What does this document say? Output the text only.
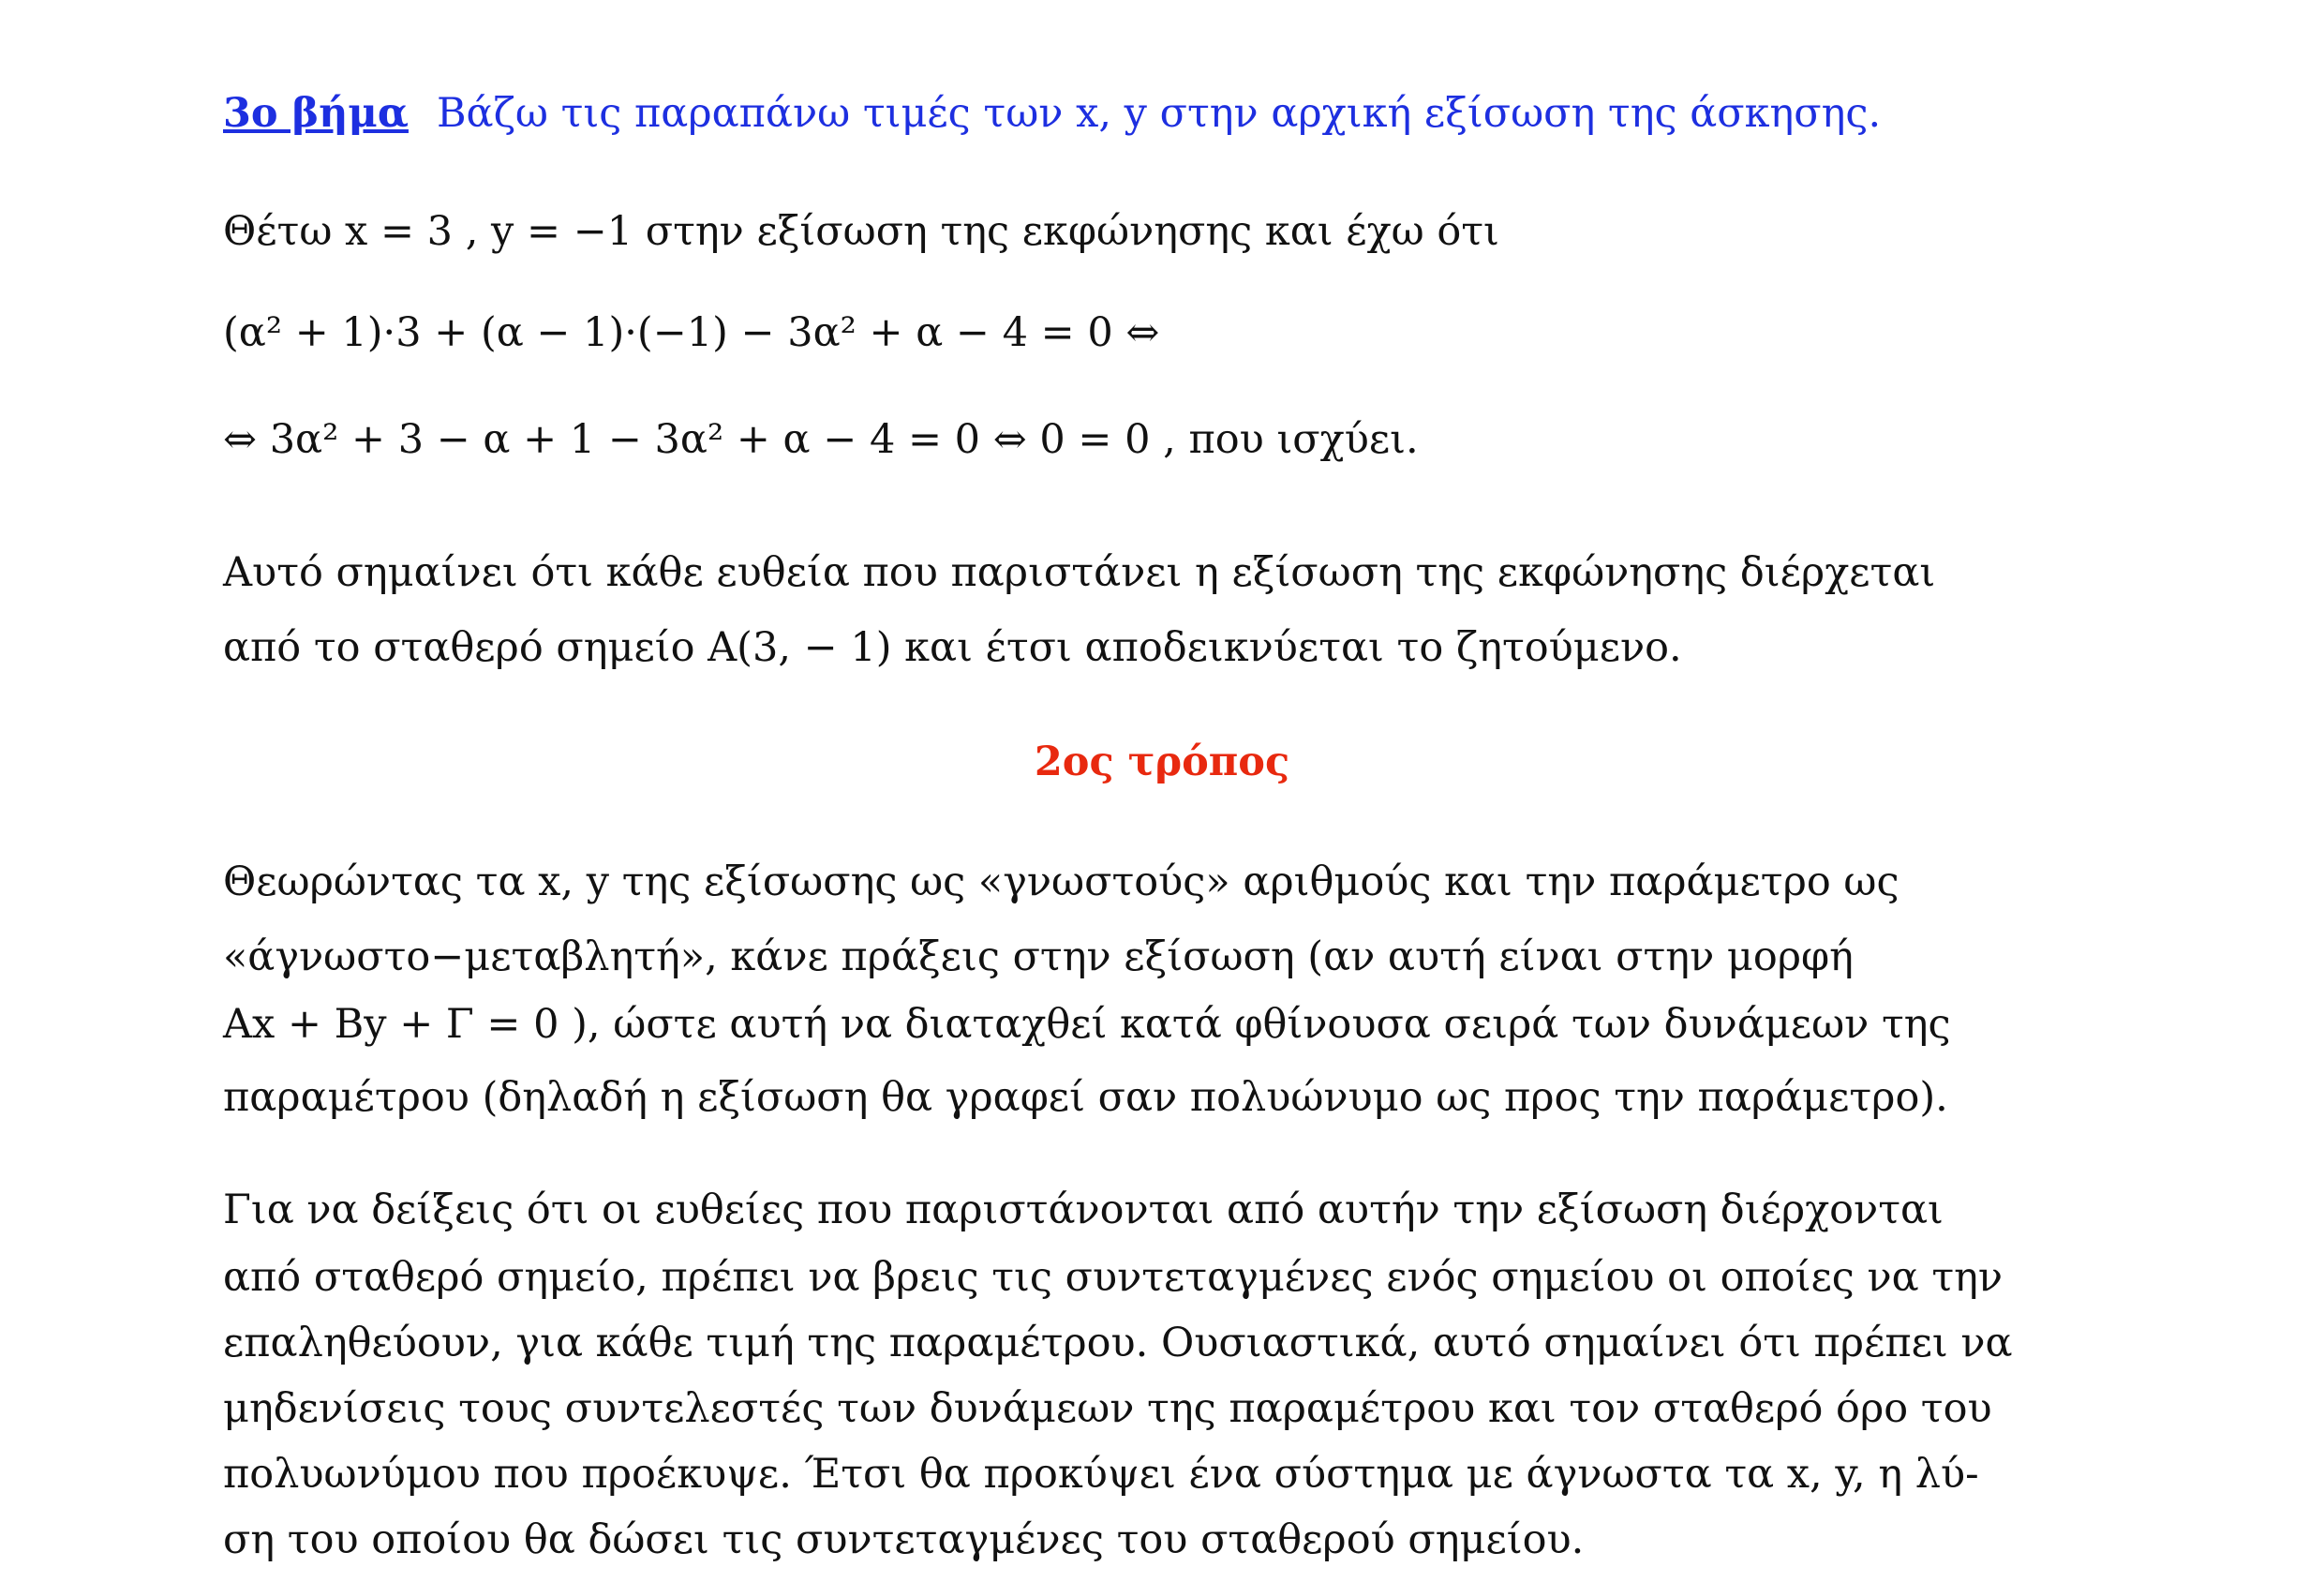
3ο βήμα Βάζω τις παραπάνω τιμές των x, y στην αρχική εξίσωση της άσκησης.
Θέτω x = 3 , y = −1 στην εξίσωση της εκφώνησης και έχω ότι
(α² + 1)·3 + (α − 1)·(−1) − 3α² + α − 4 = 0 ⇔
⇔ 3α² + 3 − α + 1 − 3α² + α − 4 = 0 ⇔ 0 = 0 , που ισχύει.
Αυτό σημαίνει ότι κάθε ευθεία που παριστάνει η εξίσωση της εκφώνησης διέρχεται
από το σταθερό σημείο Α(3, − 1) και έτσι αποδεικνύεται το ζητούμενο.
2ος τρόπος
Θεωρώντας τα x, y της εξίσωσης ως «γνωστούς» αριθμούς και την παράμετρο ως
«άγνωστο−μεταβλητή», κάνε πράξεις στην εξίσωση (αν αυτή είναι στην μορφή
Ax + By + Γ = 0 ), ώστε αυτή να διαταχθεί κατά φθίνουσα σειρά των δυνάμεων της
παραμέτρου (δηλαδή η εξίσωση θα γραφεί σαν πολυώνυμο ως προς την παράμετρο).
Για να δείξεις ότι οι ευθείες που παριστάνονται από αυτήν την εξίσωση διέρχονται
από σταθερό σημείο, πρέπει να βρεις τις συντεταγμένες ενός σημείου οι οποίες να την
επαληθεύουν, για κάθε τιμή της παραμέτρου. Ουσιαστικά, αυτό σημαίνει ότι πρέπει να
μηδενίσεις τους συντελεστές των δυνάμεων της παραμέτρου και τον σταθερό όρο του
πολυωνύμου που προέκυψε. Έτσι θα προκύψει ένα σύστημα με άγνωστα τα x, y, η λύ-
ση του οποίου θα δώσει τις συντεταγμένες του σταθερού σημείου.
